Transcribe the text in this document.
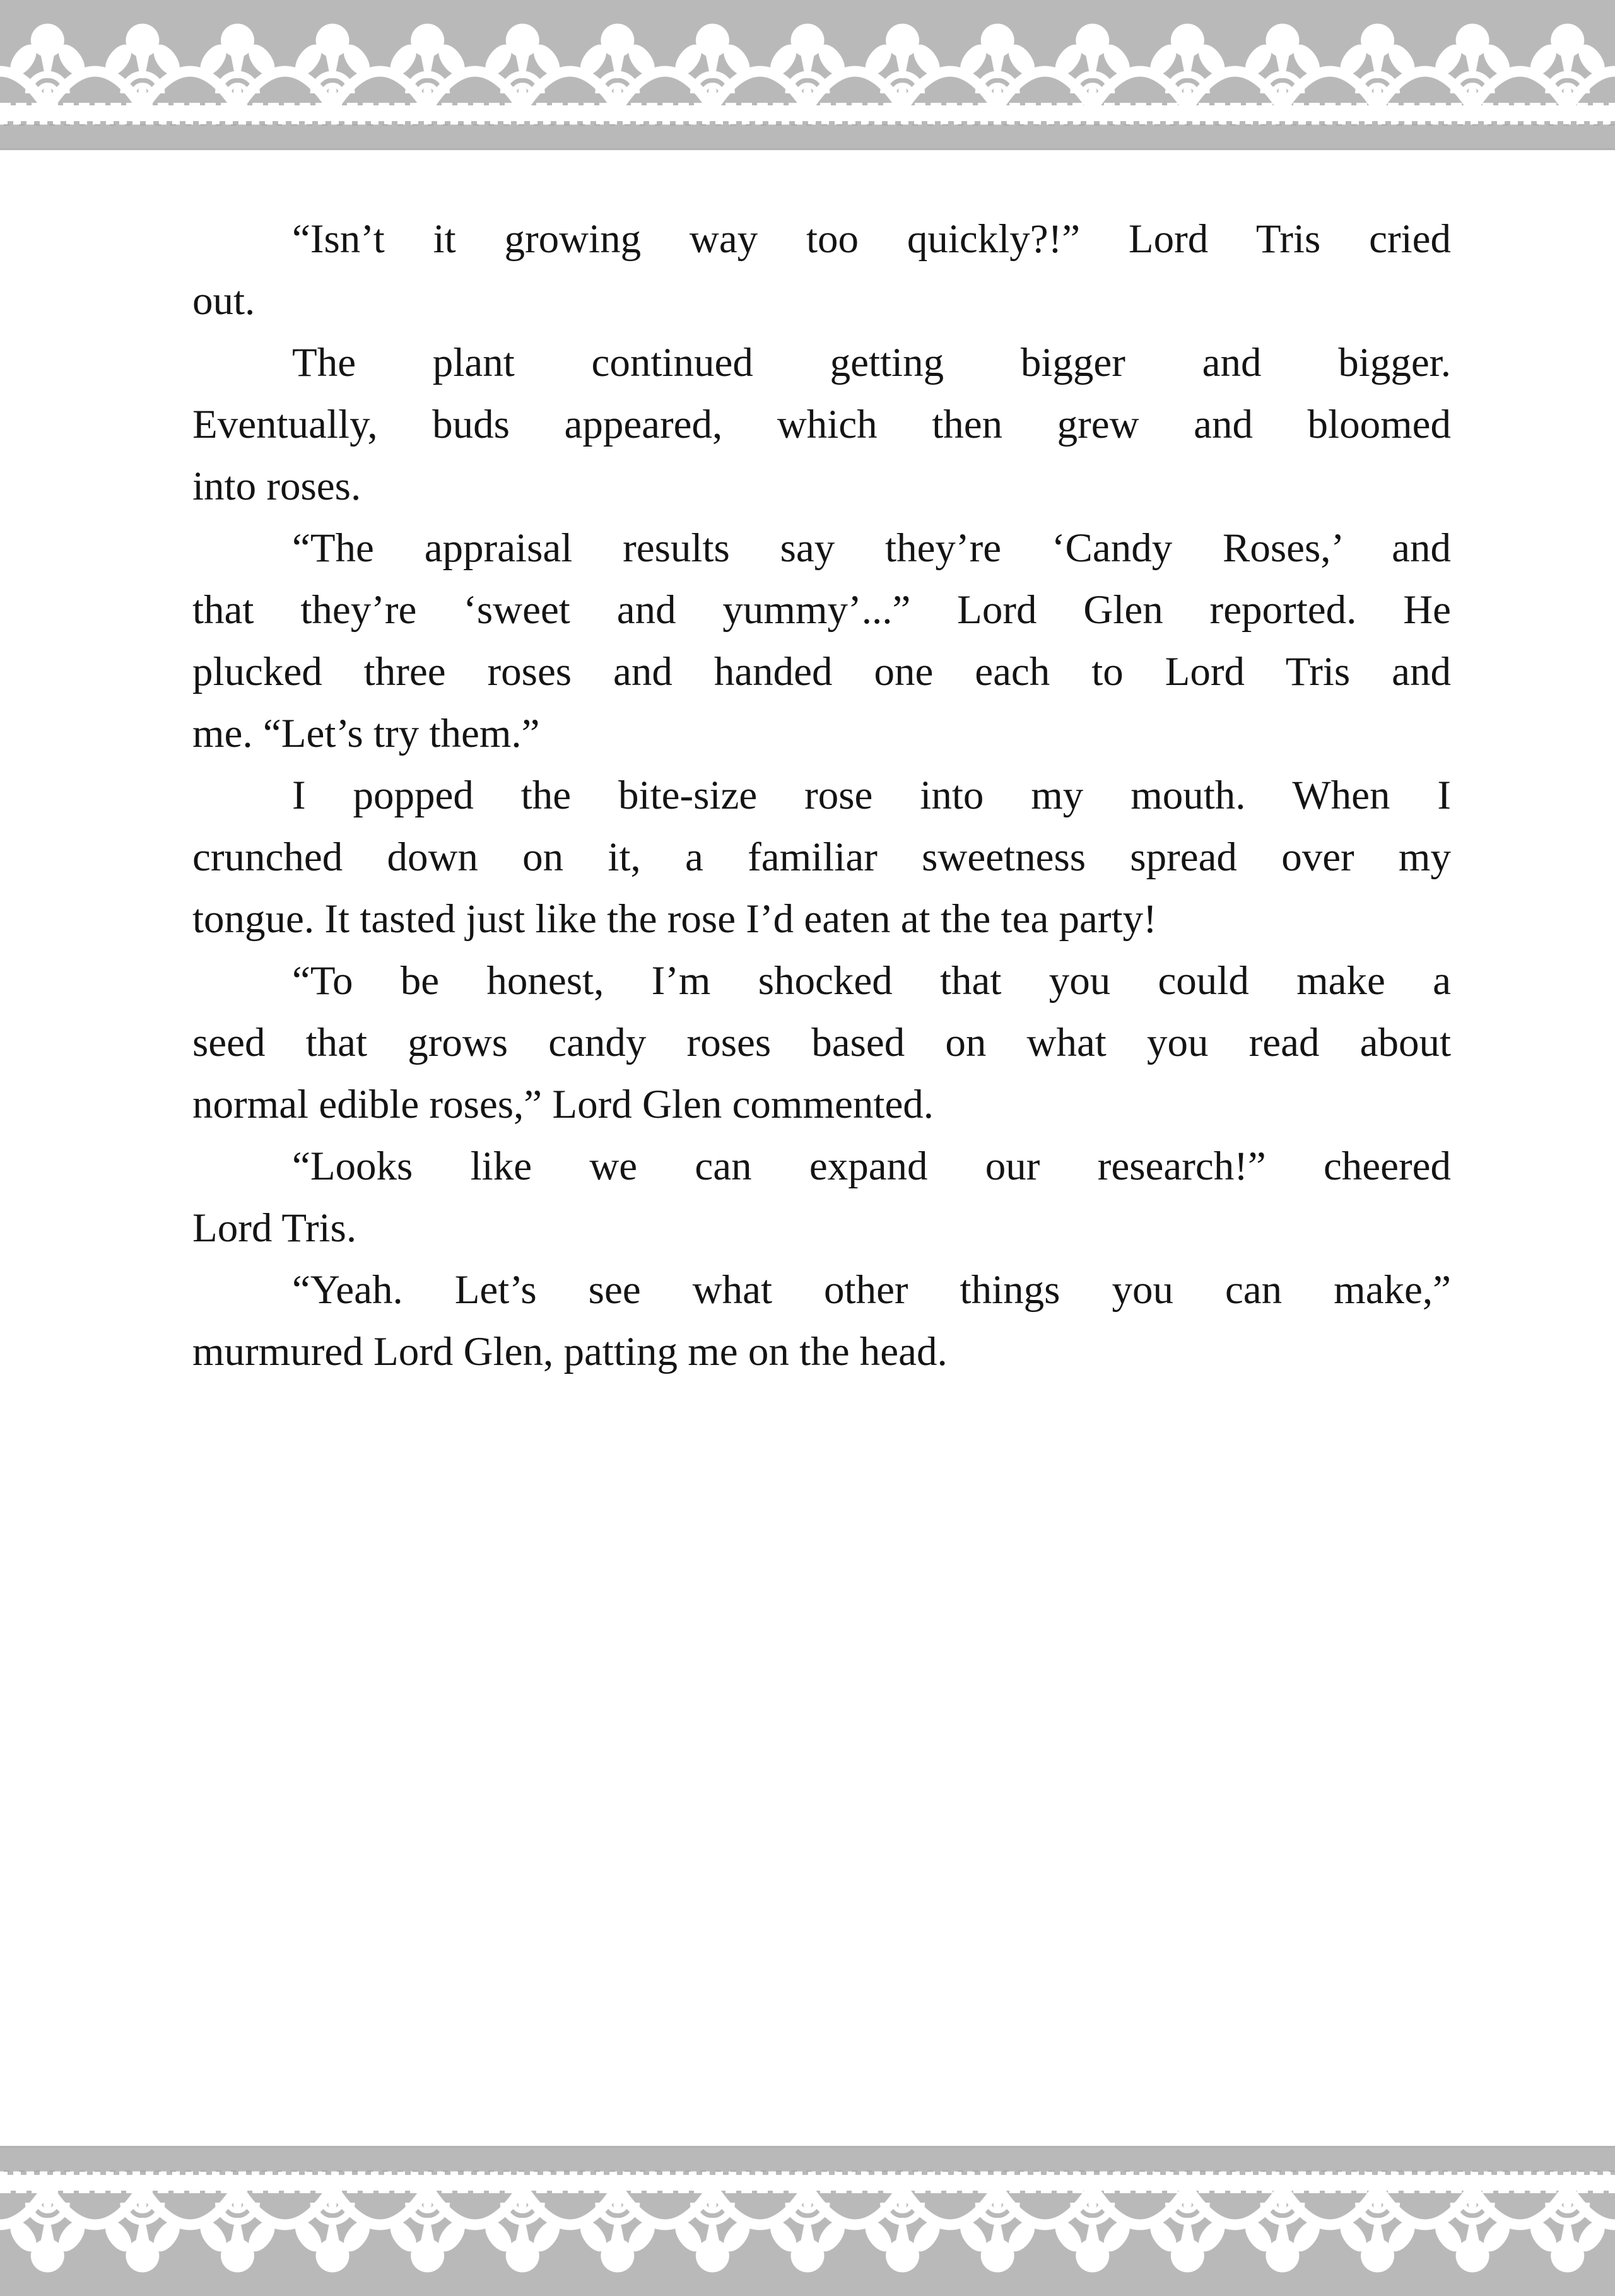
“Isn’t it growing way too quickly?!” Lord Tris cried
out.
The plant continued getting bigger and bigger.
Eventually, buds appeared, which then grew and bloomed
into roses.
“The appraisal results say they’re ‘Candy Roses,’ and
that they’re ‘sweet and yummy’...” Lord Glen reported. He
plucked three roses and handed one each to Lord Tris and
me. “Let’s try them.”
I popped the bite-size rose into my mouth. When I
crunched down on it, a familiar sweetness spread over my
tongue. It tasted just like the rose I’d eaten at the tea party!
“To be honest, I’m shocked that you could make a
seed that grows candy roses based on what you read about
normal edible roses,” Lord Glen commented.
“Looks like we can expand our research!” cheered
Lord Tris.
“Yeah. Let’s see what other things you can make,”
murmured Lord Glen, patting me on the head.
